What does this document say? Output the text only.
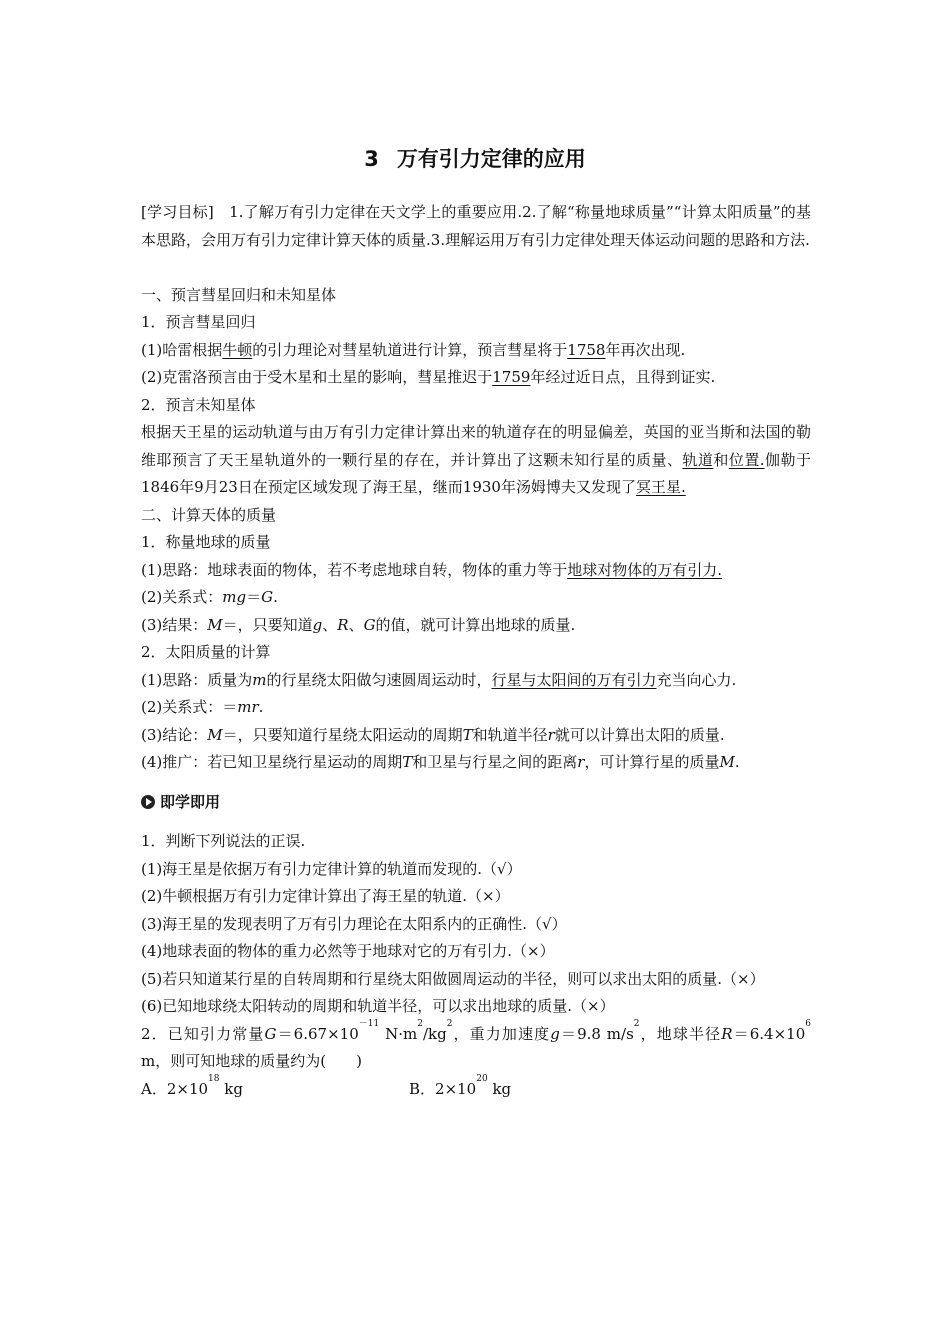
3 万有引力定律的应用

[学习目标]　1.了解万有引力定律在天文学上的重要应用.2.了解“称量地球质量”“计算太阳质量”的基本思路，会用万有引力定律计算天体的质量.3.理解运用万有引力定律处理天体运动问题的思路和方法.

一、预言彗星回归和未知星体

1．预言彗星回归

(1)哈雷根据牛顿的引力理论对彗星轨道进行计算，预言彗星将于1758年再次出现.

(2)克雷洛预言由于受木星和土星的影响，彗星推迟于1759年经过近日点，且得到证实.

2．预言未知星体

根据天王星的运动轨道与由万有引力定律计算出来的轨道存在的明显偏差，英国的亚当斯和法国的勒维耶预言了天王星轨道外的一颗行星的存在，并计算出了这颗未知行星的质量、轨道和位置.伽勒于1846年9月23日在预定区域发现了海王星，继而1930年汤姆博夫又发现了冥王星.

二、计算天体的质量

1．称量地球的质量

(1)思路：地球表面的物体，若不考虑地球自转，物体的重力等于地球对物体的万有引力.

(2)关系式：mg＝G.

(3)结果：M＝，只要知道g、R、G的值，就可计算出地球的质量.

2．太阳质量的计算

(1)思路：质量为m的行星绕太阳做匀速圆周运动时，行星与太阳间的万有引力充当向心力.

(2)关系式：＝mr.

(3)结论：M＝，只要知道行星绕太阳运动的周期T和轨道半径r就可以计算出太阳的质量.

(4)推广：若已知卫星绕行星运动的周期T和卫星与行星之间的距离r，可计算行星的质量M.

即学即用

1．判断下列说法的正误.

(1)海王星是依据万有引力定律计算的轨道而发现的.（√）

(2)牛顿根据万有引力定律计算出了海王星的轨道.（×）

(3)海王星的发现表明了万有引力理论在太阳系内的正确性.（√）

(4)地球表面的物体的重力必然等于地球对它的万有引力.（×）

(5)若只知道某行星的自转周期和行星绕太阳做圆周运动的半径，则可以求出太阳的质量.（×）

(6)已知地球绕太阳转动的周期和轨道半径，可以求出地球的质量.（×）

2．已知引力常量$G=6.67\times 10^{-11}$ $N\cdot m^2/kg^2$，重力加速度g＝9.8 $m/s^2$，地球半径$R=6.4\times 10^6$ m，则可知地球的质量约为(　　)

A．$2\times 10^{18}$ kg	B．$2\times 10^{20}$ kg
